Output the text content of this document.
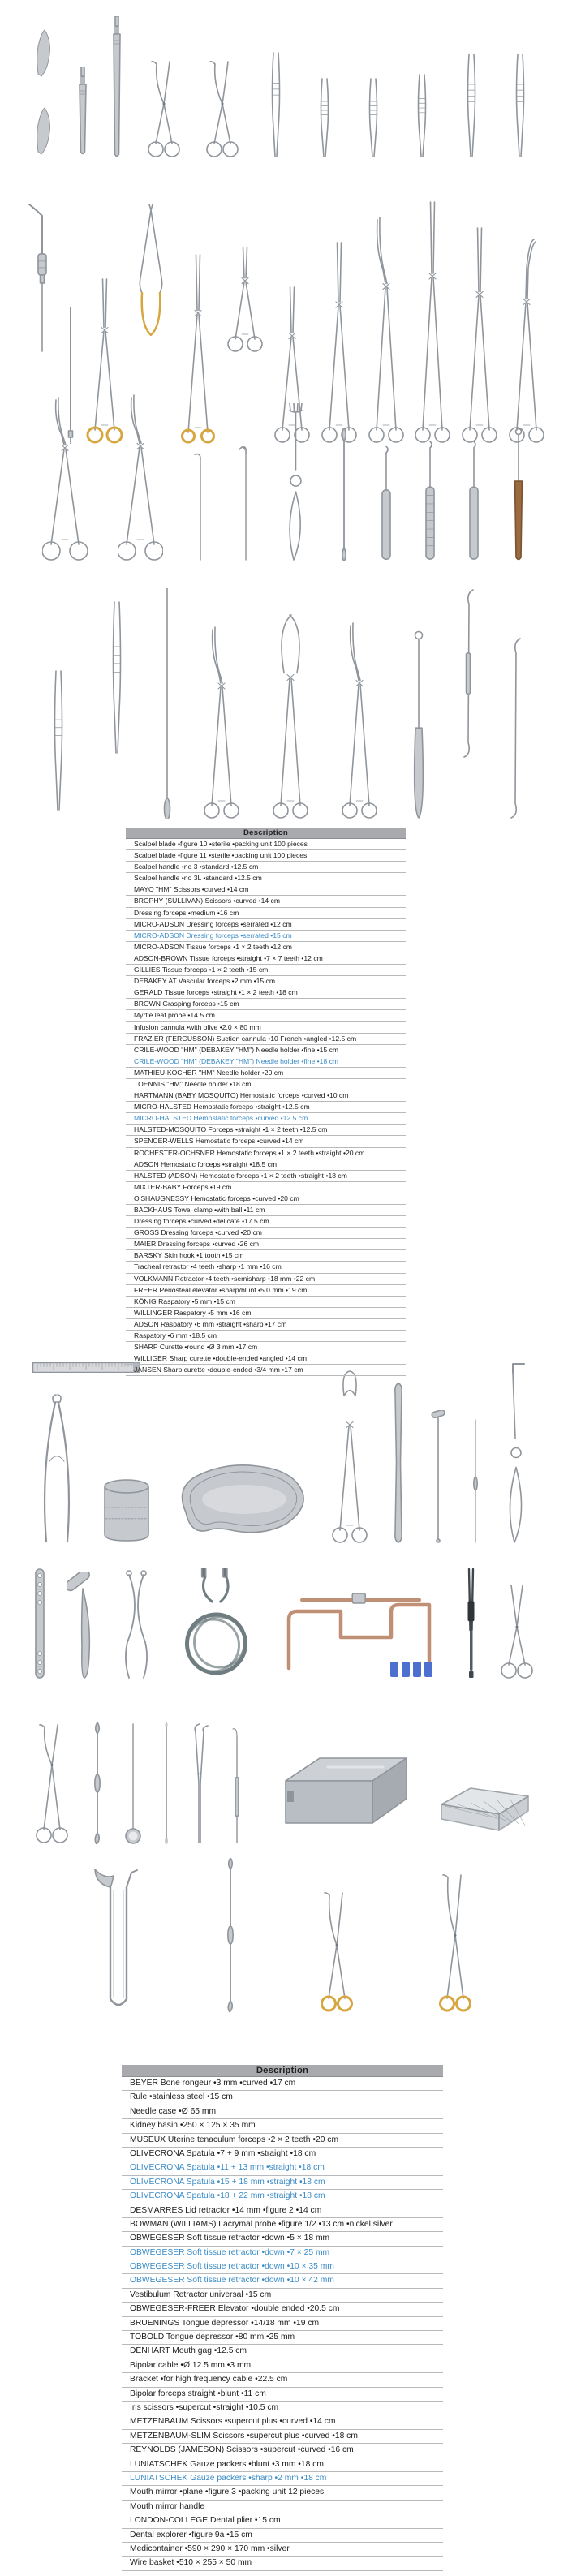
Description
Scalpel blade •figure 10 •sterile •packing unit 100 pieces
Scalpel blade •figure 11 •sterile •packing unit 100 pieces
Scalpel handle •no 3 •standard •12.5 cm
Scalpel handle •no 3L •standard •12.5 cm
MAYO "HM" Scissors •curved •14 cm
BROPHY (SULLIVAN) Scissors •curved •14 cm
Dressing forceps •medium •16 cm
MICRO-ADSON Dressing forceps •serrated •12 cm
MICRO-ADSON Dressing forceps •serrated •15 cm
MICRO-ADSON Tissue forceps •1 × 2 teeth •12 cm
ADSON-BROWN Tissue forceps •straight •7 × 7 teeth •12 cm
GILLIES Tissue forceps •1 × 2 teeth •15 cm
DEBAKEY AT Vascular forceps •2 mm •15 cm
GERALD Tissue forceps •straight •1 × 2 teeth •18 cm
BROWN Grasping forceps •15 cm
Myrtle leaf probe •14.5 cm
Infusion cannula •with olive •2.0 × 80 mm
FRAZIER (FERGUSSON) Suction cannula •10 French •angled •12.5 cm
CRILE-WOOD "HM" (DEBAKEY "HM") Needle holder •fine •15 cm
CRILE-WOOD "HM" (DEBAKEY "HM") Needle holder •fine •18 cm
MATHIEU-KOCHER "HM" Needle holder •20 cm
TOENNIS "HM" Needle holder •18 cm
HARTMANN (BABY MOSQUITO) Hemostatic forceps •curved •10 cm
MICRO-HALSTED Hemostatic forceps •straight •12.5 cm
MICRO-HALSTED Hemostatic forceps •curved •12.5 cm
HALSTED-MOSQUITO Forceps •straight •1 × 2 teeth •12.5 cm
SPENCER-WELLS Hemostatic forceps •curved •14 cm
ROCHESTER-OCHSNER Hemostatic forceps •1 × 2 teeth •straight •20 cm
ADSON Hemostatic forceps •straight •18.5 cm
HALSTED (ADSON) Hemostatic forceps •1 × 2 teeth •straight •18 cm
MIXTER-BABY Forceps •19 cm
O'SHAUGNESSY Hemostatic forceps •curved •20 cm
BACKHAUS Towel clamp •with ball •11 cm
Dressing forceps •curved •delicate •17.5 cm
GROSS Dressing forceps •curved •20 cm
MAIER Dressing forceps •curved •26 cm
BARSKY Skin hook •1 tooth •15 cm
Tracheal retractor •4 teeth •sharp •1 mm •16 cm
VOLKMANN Retractor •4 teeth •semisharp •18 mm •22 cm
FREER Periosteal elevator •sharp/blunt •5.0 mm •19 cm
KÖNIG Raspatory •5 mm •15 cm
WILLINGER Raspatory •5 mm •16 cm
ADSON Raspatory •6 mm •straight •sharp •17 cm
Raspatory •6 mm •18.5 cm
SHARP Curette •round •Ø 3 mm •17 cm
WILLIGER Sharp curette •double-ended •angled •14 cm
JANSEN Sharp curette •double-ended •3/4 mm •17 cm
Description
BEYER Bone rongeur •3 mm •curved •17 cm
Rule •stainless steel •15 cm
Needle case •Ø 65 mm
Kidney basin •250 × 125 × 35 mm
MUSEUX Uterine tenaculum forceps •2 × 2 teeth •20 cm
OLIVECRONA Spatula •7 + 9 mm •straight •18 cm
OLIVECRONA Spatula •11 + 13 mm •straight •18 cm
OLIVECRONA Spatula •15 + 18 mm •straight •18 cm
OLIVECRONA Spatula •18 + 22 mm •straight •18 cm
DESMARRES Lid retractor •14 mm •figure 2 •14 cm
BOWMAN (WILLIAMS) Lacrymal probe •figure 1/2 •13 cm •nickel silver
OBWEGESER Soft tissue retractor •down •5 × 18 mm
OBWEGESER Soft tissue retractor •down •7 × 25 mm
OBWEGESER Soft tissue retractor •down •10 × 35 mm
OBWEGESER Soft tissue retractor •down •10 × 42 mm
Vestibulum Retractor universal •15 cm
OBWEGESER-FREER Elevator •double ended •20.5 cm
BRUENINGS Tongue depressor •14/18 mm •19 cm
TOBOLD Tongue depressor •80 mm •25 mm
DENHART Mouth gag •12.5 cm
Bipolar cable •Ø 12.5 mm •3 mm
Bracket •for high frequency cable •22.5 cm
Bipolar forceps straight •blunt •11 cm
Iris scissors •supercut •straight •10.5 cm
METZENBAUM Scissors •supercut plus •curved •14 cm
METZENBAUM-SLIM Scissors •supercut plus •curved •18 cm
REYNOLDS (JAMESON) Scissors •supercut •curved •16 cm
LUNIATSCHEK Gauze packers •blunt •3 mm •18 cm
LUNIATSCHEK Gauze packers •sharp •2 mm •18 cm
Mouth mirror •plane •figure 3 •packing unit 12 pieces
Mouth mirror handle
LONDON-COLLEGE Dental plier •15 cm
Dental explorer •figure 9a •15 cm
Medicontainer •590 × 290 × 170 mm •silver
Wire basket •510 × 255 × 50 mm
